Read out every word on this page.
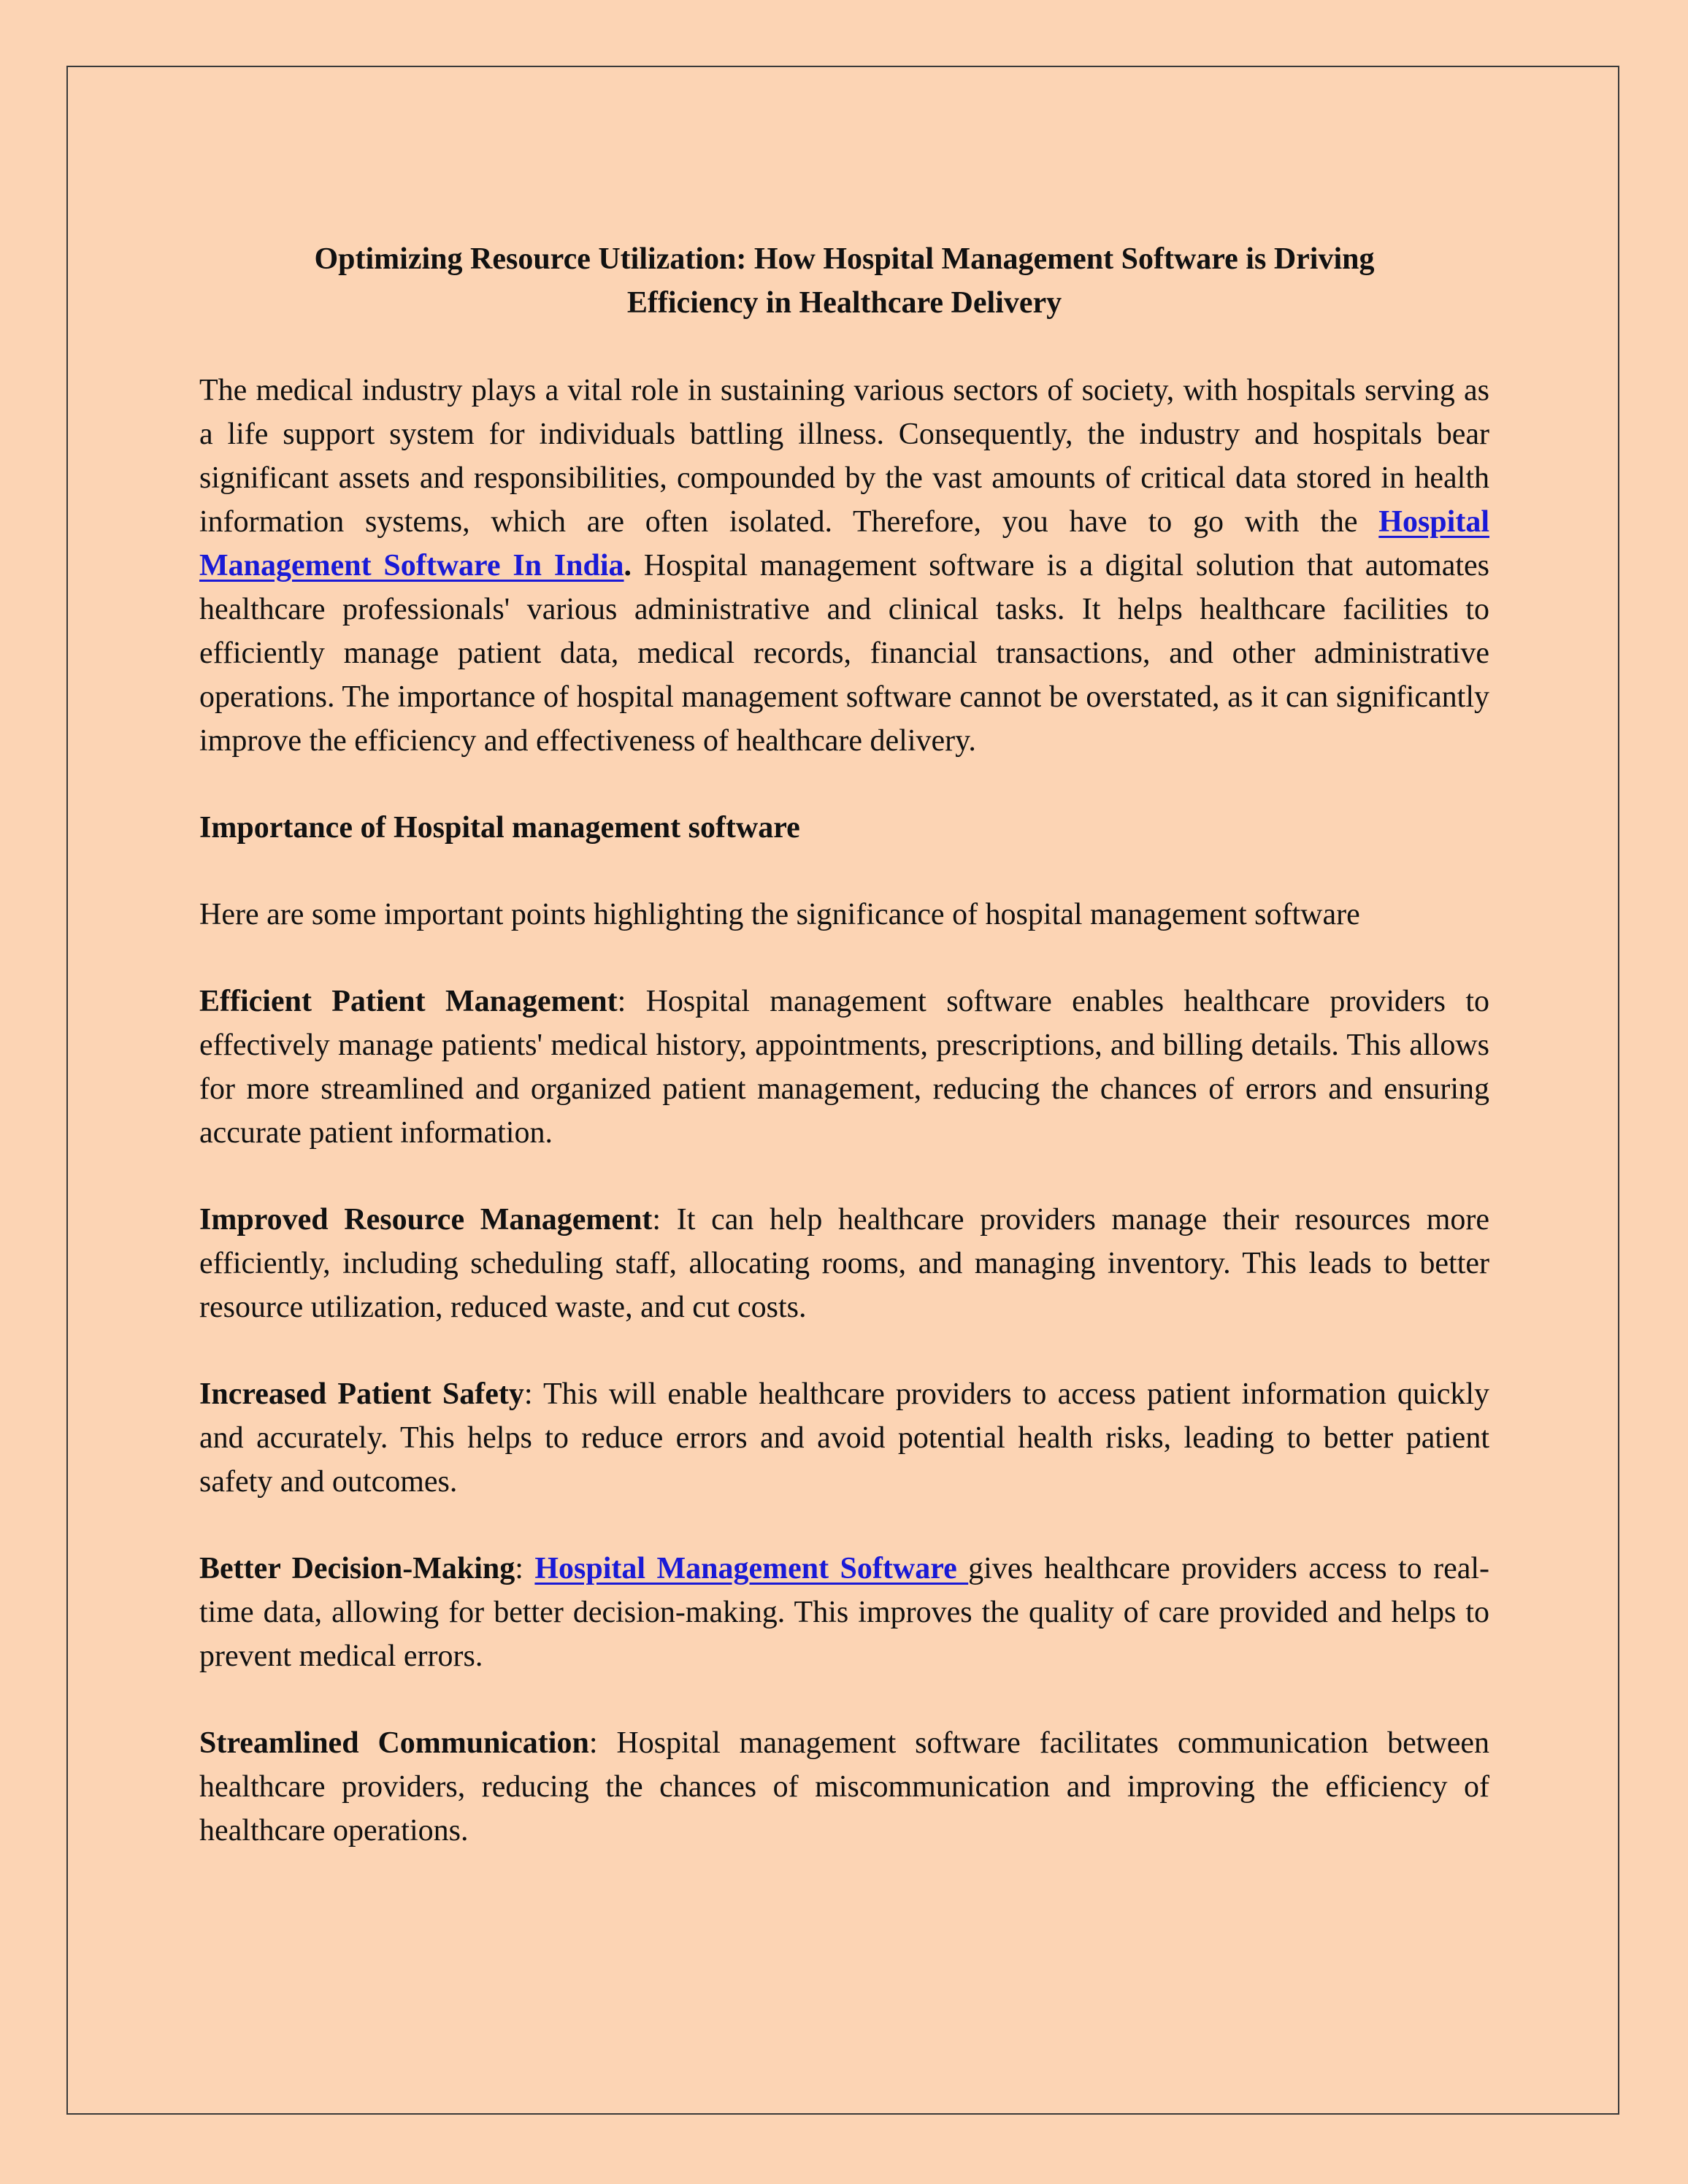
Optimizing Resource Utilization: How Hospital Management Software is Driving Efficiency in Healthcare Delivery

The medical industry plays a vital role in sustaining various sectors of society, with hospitals serving as a life support system for individuals battling illness. Consequently, the industry and hospitals bear significant assets and responsibilities, compounded by the vast amounts of critical data stored in health information systems, which are often isolated. Therefore, you have to go with the Hospital Management Software In India. Hospital management software is a digital solution that automates healthcare professionals' various administrative and clinical tasks. It helps healthcare facilities to efficiently manage patient data, medical records, financial transactions, and other administrative operations. The importance of hospital management software cannot be overstated, as it can significantly improve the efficiency and effectiveness of healthcare delivery.

Importance of Hospital management software

Here are some important points highlighting the significance of hospital management software

Efficient Patient Management: Hospital management software enables healthcare providers to effectively manage patients' medical history, appointments, prescriptions, and billing details. This allows for more streamlined and organized patient management, reducing the chances of errors and ensuring accurate patient information.

Improved Resource Management: It can help healthcare providers manage their resources more efficiently, including scheduling staff, allocating rooms, and managing inventory. This leads to better resource utilization, reduced waste, and cut costs.

Increased Patient Safety: This will enable healthcare providers to access patient information quickly and accurately. This helps to reduce errors and avoid potential health risks, leading to better patient safety and outcomes.

Better Decision-Making: Hospital Management Software gives healthcare providers access to real-time data, allowing for better decision-making. This improves the quality of care provided and helps to prevent medical errors.

Streamlined Communication: Hospital management software facilitates communication between healthcare providers, reducing the chances of miscommunication and improving the efficiency of healthcare operations.
